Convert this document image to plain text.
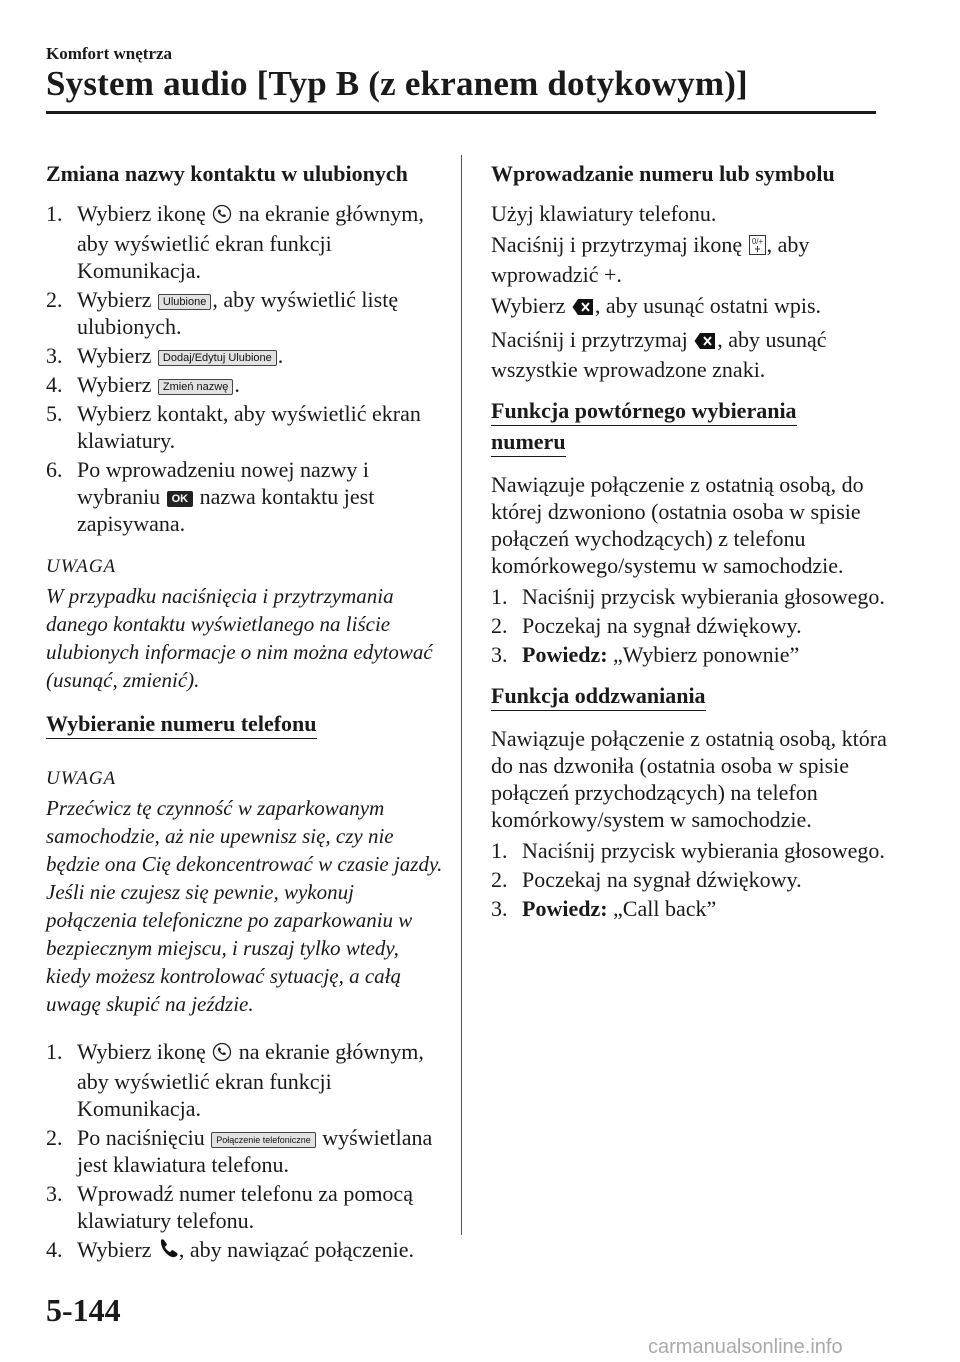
Komfort wnętrza
System audio [Typ B (z ekranem dotykowym)]
Zmiana nazwy kontaktu w ulubionych
1. Wybierz ikonę  na ekranie głównym, aby wyświetlić ekran funkcji Komunikacja.
2. Wybierz Ulubione , aby wyświetlić listę ulubionych.
3. Wybierz Dodaj/Edytuj Ulubione .
4. Wybierz Zmień nazwę .
5. Wybierz kontakt, aby wyświetlić ekran klawiatury.
6. Po wprowadzeniu nowej nazwy i wybraniu OK nazwa kontaktu jest zapisywana.
UWAGA

W przypadku naciśnięcia i przytrzymania danego kontaktu wyświetlanego na liście ulubionych informacje o nim można edytować (usunąć, zmienić).

Wybieranie numeru telefonu
UWAGA

Przećwicz tę czynność w zaparkowanym samochodzie, aż nie upewnisz się, czy nie będzie ona Cię dekoncentrować w czasie jazdy. Jeśli nie czujesz się pewnie, wykonuj połączenia telefoniczne po zaparkowaniu w bezpiecznym miejscu, i ruszaj tylko wtedy, kiedy możesz kontrolować sytuację, a całą uwagę skupić na jeździe.

1. Wybierz ikonę  na ekranie głównym, aby wyświetlić ekran funkcji Komunikacja.
2. Po naciśnięciu Połączenie telefoniczne wyświetlana jest klawiatura telefonu.
3. Wprowadź numer telefonu za pomocą klawiatury telefonu.
4. Wybierz , aby nawiązać połączenie.
Wprowadzanie numeru lub symbolu

Użyj klawiatury telefonu.

Naciśnij i przytrzymaj ikonę 0/+ , aby wprowadzić +.

Wybierz , aby usunąć ostatni wpis.

Naciśnij i przytrzymaj , aby usunąć wszystkie wprowadzone znaki.

Funkcja powtórnego wybierania
numeru

Nawiązuje połączenie z ostatnią osobą, do której dzwoniono (ostatnia osoba w spisie połączeń wychodzących) z telefonu komórkowego/systemu w samochodzie.

1. Naciśnij przycisk wybierania głosowego.
2. Poczekaj na sygnał dźwiękowy.
3. Powiedz: „Wybierz ponownie”
Funkcja oddzwaniania

Nawiązuje połączenie z ostatnią osobą, która do nas dzwoniła (ostatnia osoba w spisie połączeń przychodzących) na telefon komórkowy/system w samochodzie.

1. Naciśnij przycisk wybierania głosowego.
2. Poczekaj na sygnał dźwiękowy.
3. Powiedz: „Call back”
5-144
carmanualsonline.info
